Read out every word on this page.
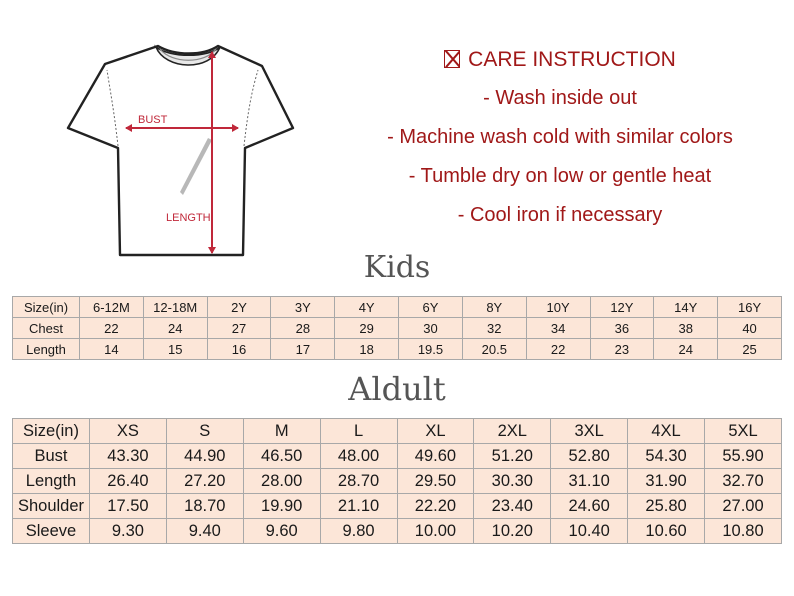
BUST
LENGTH
CARE INSTRUCTION
- Wash inside out
- Machine wash cold with similar colors
- Tumble dry on low or gentle heat
- Cool iron if necessary
Kids
Size(in)	6-12M	12-18M	2Y	3Y	4Y	6Y	8Y	10Y	12Y	14Y	16Y
Chest	22	24	27	28	29	30	32	34	36	38	40
Length	14	15	16	17	18	19.5	20.5	22	23	24	25
Aldult
Size(in)	XS	S	M	L	XL	2XL	3XL	4XL	5XL
Bust	43.30	44.90	46.50	48.00	49.60	51.20	52.80	54.30	55.90
Length	26.40	27.20	28.00	28.70	29.50	30.30	31.10	31.90	32.70
Shoulder	17.50	18.70	19.90	21.10	22.20	23.40	24.60	25.80	27.00
Sleeve	9.30	9.40	9.60	9.80	10.00	10.20	10.40	10.60	10.80
